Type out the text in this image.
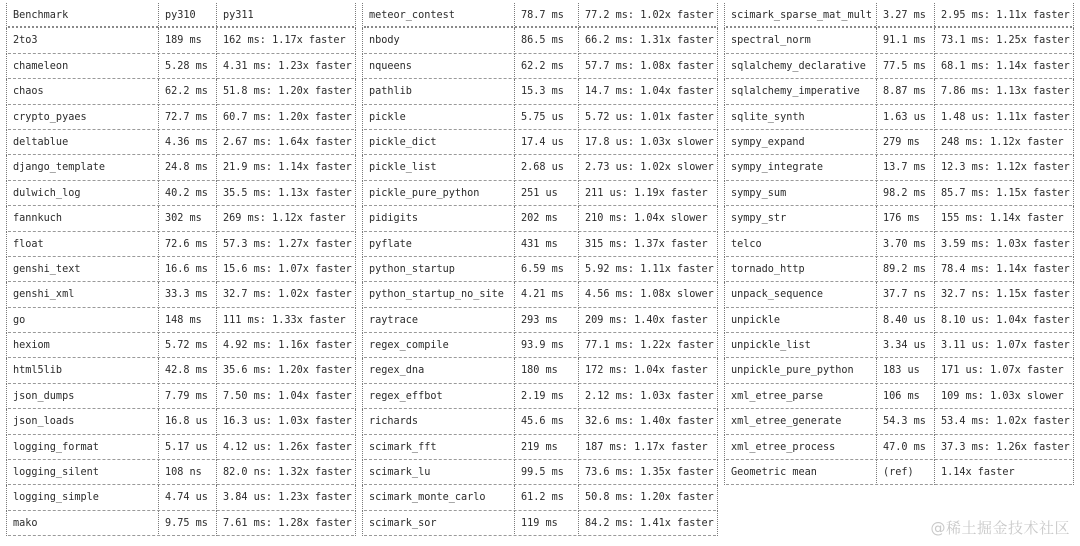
Benchmark	py310	py311
2to3	189 ms	162 ms: 1.17x faster
chameleon	5.28 ms	4.31 ms: 1.23x faster
chaos	62.2 ms	51.8 ms: 1.20x faster
crypto_pyaes	72.7 ms	60.7 ms: 1.20x faster
deltablue	4.36 ms	2.67 ms: 1.64x faster
django_template	24.8 ms	21.9 ms: 1.14x faster
dulwich_log	40.2 ms	35.5 ms: 1.13x faster
fannkuch	302 ms	269 ms: 1.12x faster
float	72.6 ms	57.3 ms: 1.27x faster
genshi_text	16.6 ms	15.6 ms: 1.07x faster
genshi_xml	33.3 ms	32.7 ms: 1.02x faster
go	148 ms	111 ms: 1.33x faster
hexiom	5.72 ms	4.92 ms: 1.16x faster
html5lib	42.8 ms	35.6 ms: 1.20x faster
json_dumps	7.79 ms	7.50 ms: 1.04x faster
json_loads	16.8 us	16.3 us: 1.03x faster
logging_format	5.17 us	4.12 us: 1.26x faster
logging_silent	108 ns	82.0 ns: 1.32x faster
logging_simple	4.74 us	3.84 us: 1.23x faster
mako	9.75 ms	7.61 ms: 1.28x faster
meteor_contest	78.7 ms	77.2 ms: 1.02x faster
nbody	86.5 ms	66.2 ms: 1.31x faster
nqueens	62.2 ms	57.7 ms: 1.08x faster
pathlib	15.3 ms	14.7 ms: 1.04x faster
pickle	5.75 us	5.72 us: 1.01x faster
pickle_dict	17.4 us	17.8 us: 1.03x slower
pickle_list	2.68 us	2.73 us: 1.02x slower
pickle_pure_python	251 us	211 us: 1.19x faster
pidigits	202 ms	210 ms: 1.04x slower
pyflate	431 ms	315 ms: 1.37x faster
python_startup	6.59 ms	5.92 ms: 1.11x faster
python_startup_no_site	4.21 ms	4.56 ms: 1.08x slower
raytrace	293 ms	209 ms: 1.40x faster
regex_compile	93.9 ms	77.1 ms: 1.22x faster
regex_dna	180 ms	172 ms: 1.04x faster
regex_effbot	2.19 ms	2.12 ms: 1.03x faster
richards	45.6 ms	32.6 ms: 1.40x faster
scimark_fft	219 ms	187 ms: 1.17x faster
scimark_lu	99.5 ms	73.6 ms: 1.35x faster
scimark_monte_carlo	61.2 ms	50.8 ms: 1.20x faster
scimark_sor	119 ms	84.2 ms: 1.41x faster
scimark_sparse_mat_mult	3.27 ms	2.95 ms: 1.11x faster
spectral_norm	91.1 ms	73.1 ms: 1.25x faster
sqlalchemy_declarative	77.5 ms	68.1 ms: 1.14x faster
sqlalchemy_imperative	8.87 ms	7.86 ms: 1.13x faster
sqlite_synth	1.63 us	1.48 us: 1.11x faster
sympy_expand	279 ms	248 ms: 1.12x faster
sympy_integrate	13.7 ms	12.3 ms: 1.12x faster
sympy_sum	98.2 ms	85.7 ms: 1.15x faster
sympy_str	176 ms	155 ms: 1.14x faster
telco	3.70 ms	3.59 ms: 1.03x faster
tornado_http	89.2 ms	78.4 ms: 1.14x faster
unpack_sequence	37.7 ns	32.7 ns: 1.15x faster
unpickle	8.40 us	8.10 us: 1.04x faster
unpickle_list	3.34 us	3.11 us: 1.07x faster
unpickle_pure_python	183 us	171 us: 1.07x faster
xml_etree_parse	106 ms	109 ms: 1.03x slower
xml_etree_generate	54.3 ms	53.4 ms: 1.02x faster
xml_etree_process	47.0 ms	37.3 ms: 1.26x faster
Geometric mean	(ref)	1.14x faster
@稀土掘金技术社区
